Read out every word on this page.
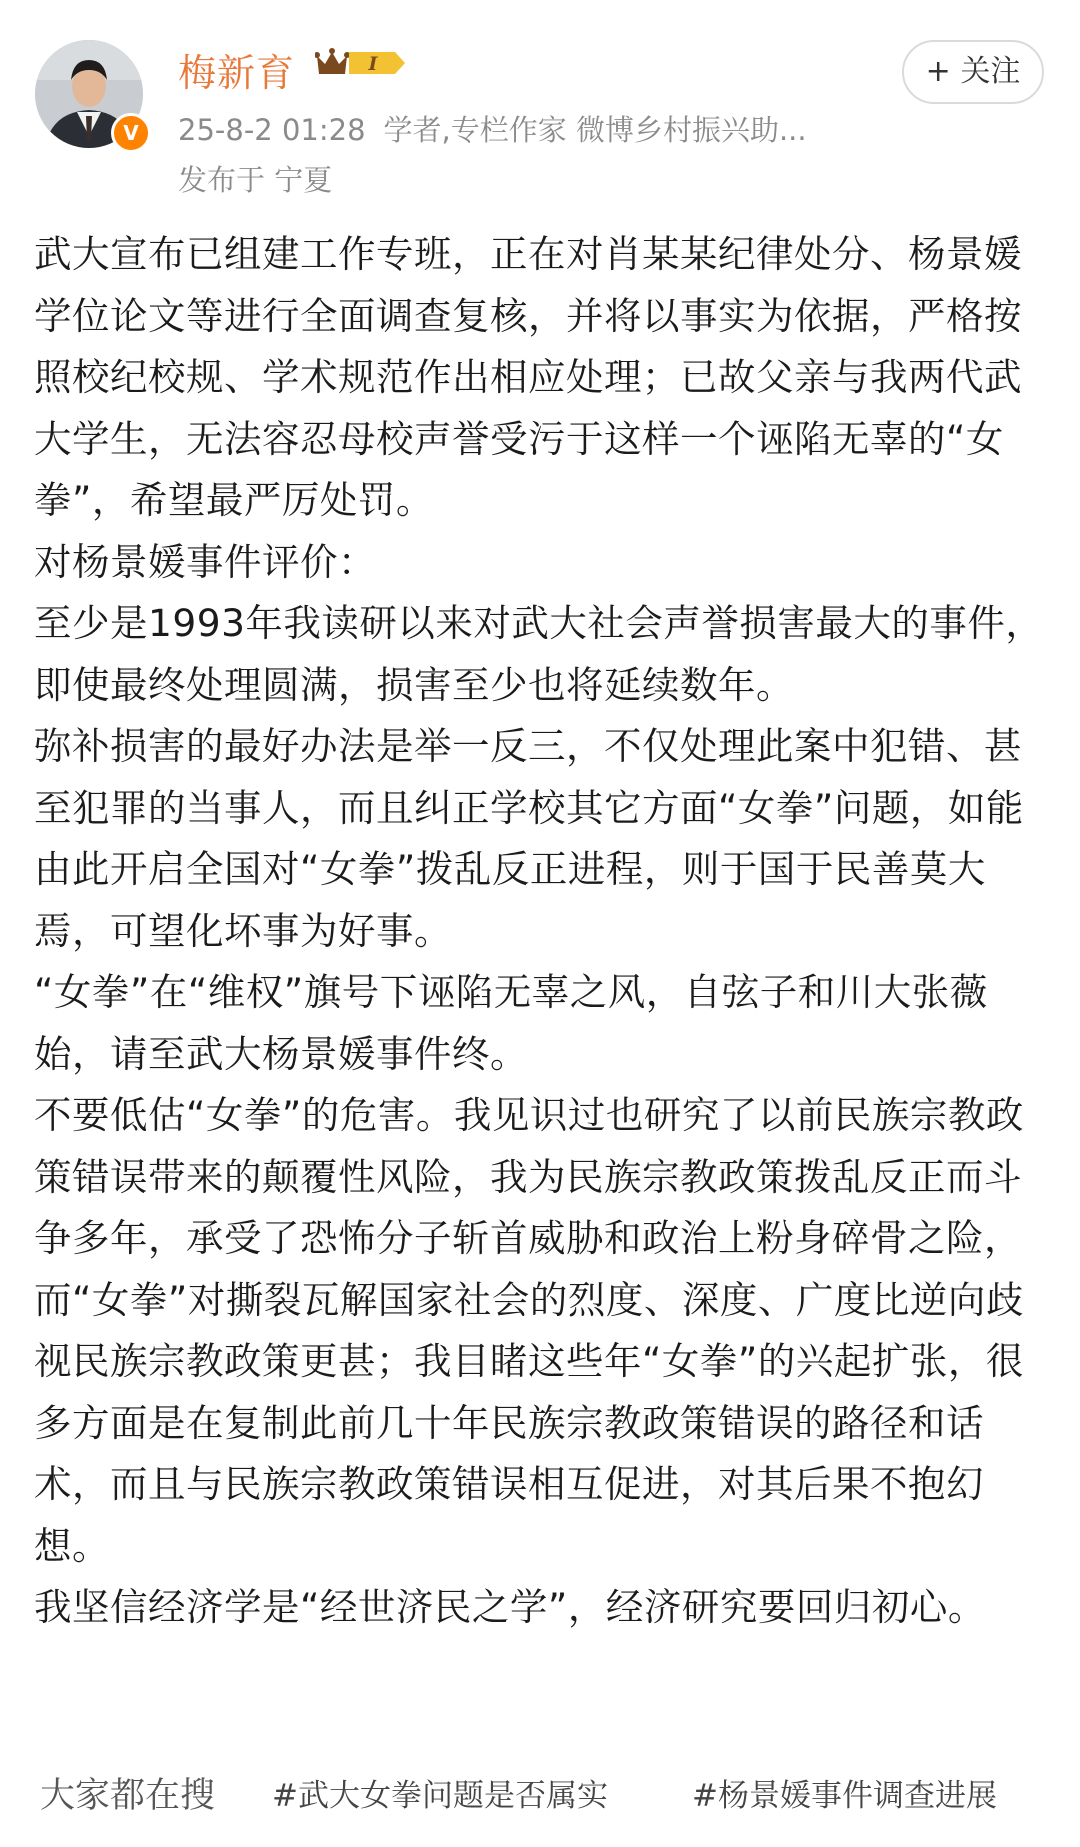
V
梅新育	I
25-8-2 01:28 学者,专栏作家 微博乡村振兴助...
发布于 宁夏
+ 关注

武大宣布已组建工作专班，正在对肖某某纪律处分、杨景媛学位论文等进行全面调查复核，并将以事实为依据，严格按照校纪校规、学术规范作出相应处理；已故父亲与我两代武大学生，无法容忍母校声誉受污于这样一个诬陷无辜的“女拳”，希望最严厉处罚。

对杨景媛事件评价：

至少是1993年我读研以来对武大社会声誉损害最大的事件，即使最终处理圆满，损害至少也将延续数年。

弥补损害的最好办法是举一反三，不仅处理此案中犯错、甚至犯罪的当事人，而且纠正学校其它方面“女拳”问题，如能由此开启全国对“女拳”拨乱反正进程，则于国于民善莫大焉，可望化坏事为好事。

“女拳”在“维权”旗号下诬陷无辜之风，自弦子和川大张薇始，请至武大杨景媛事件终。

不要低估“女拳”的危害。我见识过也研究了以前民族宗教政策错误带来的颠覆性风险，我为民族宗教政策拨乱反正而斗争多年，承受了恐怖分子斩首威胁和政治上粉身碎骨之险，而“女拳”对撕裂瓦解国家社会的烈度、深度、广度比逆向歧视民族宗教政策更甚；我目睹这些年“女拳”的兴起扩张，很多方面是在复制此前几十年民族宗教政策错误的路径和话术，而且与民族宗教政策错误相互促进，对其后果不抱幻想。

我坚信经济学是“经世济民之学”，经济研究要回归初心。

大家都在搜 #武大女拳问题是否属实	#杨景媛事件调查进展
